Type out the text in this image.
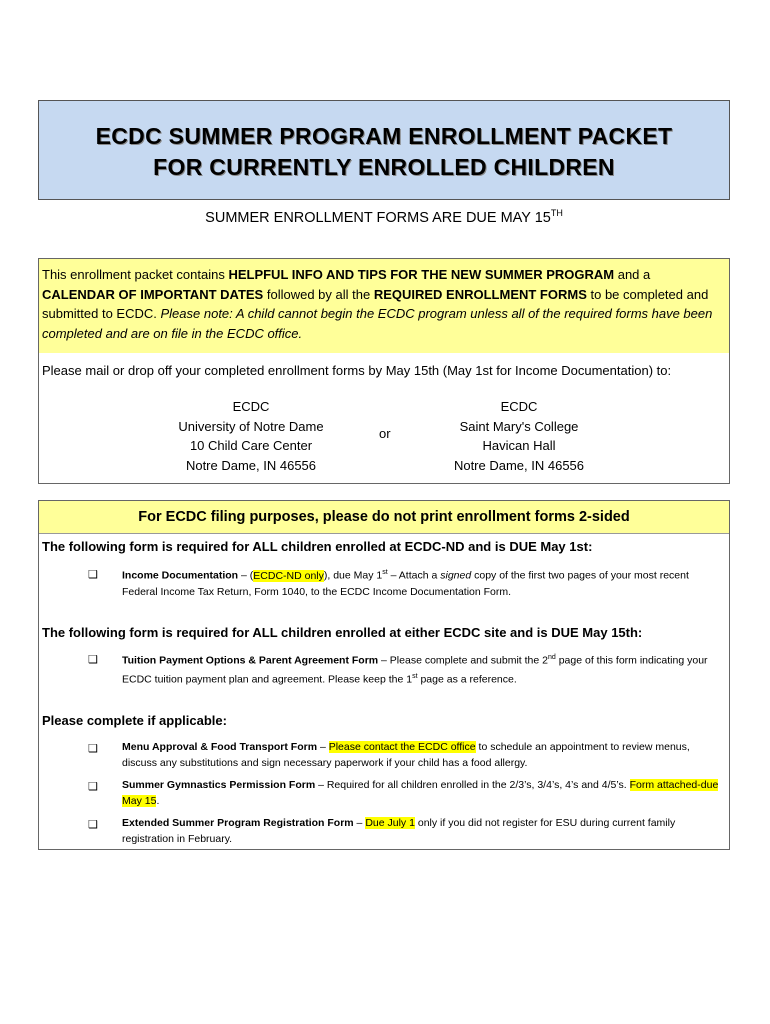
ECDC SUMMER PROGRAM ENROLLMENT PACKET
FOR CURRENTLY ENROLLED CHILDREN
SUMMER ENROLLMENT FORMS ARE DUE MAY 15TH
This enrollment packet contains HELPFUL INFO AND TIPS FOR THE NEW SUMMER PROGRAM and a CALENDAR OF IMPORTANT DATES followed by all the REQUIRED ENROLLMENT FORMS to be completed and submitted to ECDC. Please note: A child cannot begin the ECDC program unless all of the required forms have been completed and are on file in the ECDC office.
Please mail or drop off your completed enrollment forms by May 15th (May 1st for Income Documentation) to:
ECDC
University of Notre Dame
10 Child Care Center
Notre Dame, IN 46556
or
ECDC
Saint Mary's College
Havican Hall
Notre Dame, IN 46556
For ECDC filing purposes, please do not print enrollment forms 2-sided
The following form is required for ALL children enrolled at ECDC-ND and is DUE May 1st:
❑ Income Documentation – (ECDC-ND only), due May 1st – Attach a signed copy of the first two pages of your most recent Federal Income Tax Return, Form 1040, to the ECDC Income Documentation Form.
The following form is required for ALL children enrolled at either ECDC site and is DUE May 15th:
❑ Tuition Payment Options & Parent Agreement Form – Please complete and submit the 2nd page of this form indicating your ECDC tuition payment plan and agreement. Please keep the 1st page as a reference.
Please complete if applicable:
❑ Menu Approval & Food Transport Form – Please contact the ECDC office to schedule an appointment to review menus, discuss any substitutions and sign necessary paperwork if your child has a food allergy.
❑ Summer Gymnastics Permission Form – Required for all children enrolled in the 2/3’s, 3/4’s, 4’s and 4/5’s. Form attached-due May 15.
❑ Extended Summer Program Registration Form – Due July 1 only if you did not register for ESU during current family registration in February.
